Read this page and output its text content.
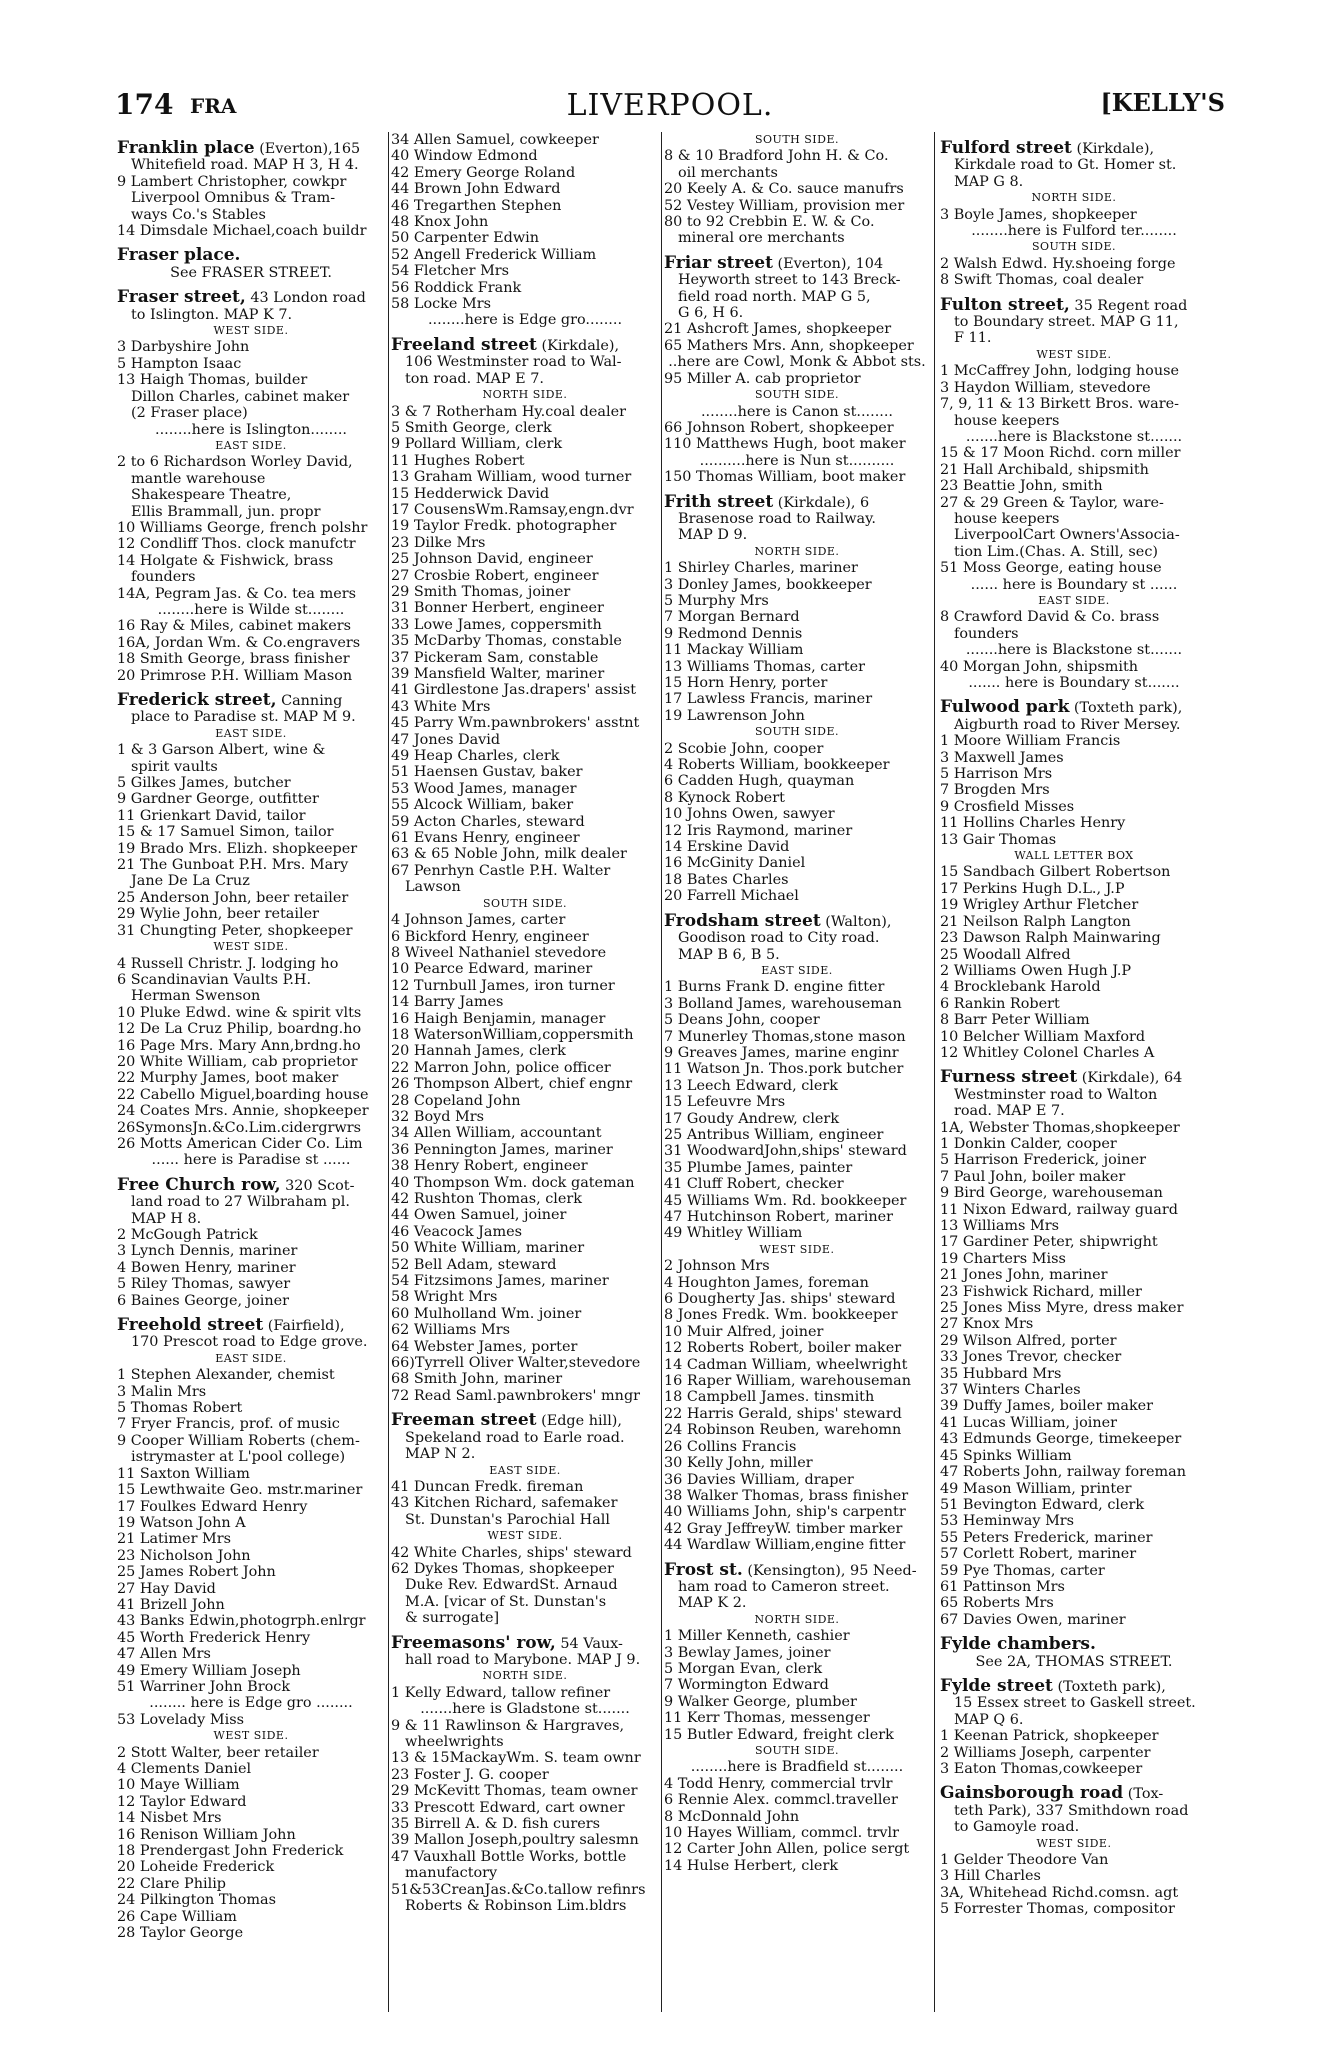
174 FRA	LIVERPOOL.	[KELLY'S
Franklin place (Everton),165
Whitefield road. MAP H 3, H 4.
9 Lambert Christopher, cowkpr
Liverpool Omnibus & Tram-
ways Co.'s Stables
14 Dimsdale Michael,coach buildr
Fraser place.
See FRASER STREET.
Fraser street, 43 London road
to Islington. MAP K 7.
WEST SIDE.
3 Darbyshire John
5 Hampton Isaac
13 Haigh Thomas, builder
Dillon Charles, cabinet maker
(2 Fraser place)
........here is Islington........
EAST SIDE.
2 to 6 Richardson Worley David,
mantle warehouse
Shakespeare Theatre,
Ellis Brammall, jun. propr
10 Williams George, french polshr
12 Condliff Thos. clock manufctr
14 Holgate & Fishwick, brass
founders
14A, Pegram Jas. & Co. tea mers
........here is Wilde st........
16 Ray & Miles, cabinet makers
16A, Jordan Wm. & Co.engravers
18 Smith George, brass finisher
20 Primrose P.H. William Mason
Frederick street, Canning
place to Paradise st. MAP M 9.
EAST SIDE.
1 & 3 Garson Albert, wine &
spirit vaults
5 Gilkes James, butcher
9 Gardner George, outfitter
11 Grienkart David, tailor
15 & 17 Samuel Simon, tailor
19 Brado Mrs. Elizh. shopkeeper
21 The Gunboat P.H. Mrs. Mary
Jane De La Cruz
25 Anderson John, beer retailer
29 Wylie John, beer retailer
31 Chungting Peter, shopkeeper
WEST SIDE.
4 Russell Christr. J. lodging ho
6 Scandinavian Vaults P.H.
Herman Swenson
10 Pluke Edwd. wine & spirit vlts
12 De La Cruz Philip, boardng.ho
16 Page Mrs. Mary Ann,brdng.ho
20 White William, cab proprietor
22 Murphy James, boot maker
22 Cabello Miguel,boarding house
24 Coates Mrs. Annie, shopkeeper
26SymonsJn.&Co.Lim.cidergrwrs
26 Motts American Cider Co. Lim
...... here is Paradise st ......
Free Church row, 320 Scot-
land road to 27 Wilbraham pl.
MAP H 8.
2 McGough Patrick
3 Lynch Dennis, mariner
4 Bowen Henry, mariner
5 Riley Thomas, sawyer
6 Baines George, joiner
Freehold street (Fairfield),
170 Prescot road to Edge grove.
EAST SIDE.
1 Stephen Alexander, chemist
3 Malin Mrs
5 Thomas Robert
7 Fryer Francis, prof. of music
9 Cooper William Roberts (chem-
istrymaster at L'pool college)
11 Saxton William
15 Lewthwaite Geo. mstr.mariner
17 Foulkes Edward Henry
19 Watson John A
21 Latimer Mrs
23 Nicholson John
25 James Robert John
27 Hay David
41 Brizell John
43 Banks Edwin,photogrph.enlrgr
45 Worth Frederick Henry
47 Allen Mrs
49 Emery William Joseph
51 Warriner John Brock
........ here is Edge gro ........
53 Lovelady Miss
WEST SIDE.
2 Stott Walter, beer retailer
4 Clements Daniel
10 Maye William
12 Taylor Edward
14 Nisbet Mrs
16 Renison William John
18 Prendergast John Frederick
20 Loheide Frederick
22 Clare Philip
24 Pilkington Thomas
26 Cape William
28 Taylor George
34 Allen Samuel, cowkeeper
40 Window Edmond
42 Emery George Roland
44 Brown John Edward
46 Tregarthen Stephen
48 Knox John
50 Carpenter Edwin
52 Angell Frederick William
54 Fletcher Mrs
56 Roddick Frank
58 Locke Mrs
........here is Edge gro........
Freeland street (Kirkdale),
106 Westminster road to Wal-
ton road. MAP E 7.
NORTH SIDE.
3 & 7 Rotherham Hy.coal dealer
5 Smith George, clerk
9 Pollard William, clerk
11 Hughes Robert
13 Graham William, wood turner
15 Hedderwick David
17 CousensWm.Ramsay,engn.dvr
19 Taylor Fredk. photographer
23 Dilke Mrs
25 Johnson David, engineer
27 Crosbie Robert, engineer
29 Smith Thomas, joiner
31 Bonner Herbert, engineer
33 Lowe James, coppersmith
35 McDarby Thomas, constable
37 Pickeram Sam, constable
39 Mansfield Walter, mariner
41 Girdlestone Jas.drapers' assist
43 White Mrs
45 Parry Wm.pawnbrokers' asstnt
47 Jones David
49 Heap Charles, clerk
51 Haensen Gustav, baker
53 Wood James, manager
55 Alcock William, baker
59 Acton Charles, steward
61 Evans Henry, engineer
63 & 65 Noble John, milk dealer
67 Penrhyn Castle P.H. Walter
Lawson
SOUTH SIDE.
4 Johnson James, carter
6 Bickford Henry, engineer
8 Wiveel Nathaniel stevedore
10 Pearce Edward, mariner
12 Turnbull James, iron turner
14 Barry James
16 Haigh Benjamin, manager
18 WatersonWilliam,coppersmith
20 Hannah James, clerk
22 Marron John, police officer
26 Thompson Albert, chief engnr
28 Copeland John
32 Boyd Mrs
34 Allen William, accountant
36 Pennington James, mariner
38 Henry Robert, engineer
40 Thompson Wm. dock gateman
42 Rushton Thomas, clerk
44 Owen Samuel, joiner
46 Veacock James
50 White William, mariner
52 Bell Adam, steward
54 Fitzsimons James, mariner
58 Wright Mrs
60 Mulholland Wm. joiner
62 Williams Mrs
64 Webster James, porter
66)Tyrrell Oliver Walter,stevedore
68 Smith John, mariner
72 Read Saml.pawnbrokers' mngr
Freeman street (Edge hill),
Spekeland road to Earle road.
MAP N 2.
EAST SIDE.
41 Duncan Fredk. fireman
43 Kitchen Richard, safemaker
St. Dunstan's Parochial Hall
WEST SIDE.
42 White Charles, ships' steward
62 Dykes Thomas, shopkeeper
Duke Rev. EdwardSt. Arnaud
M.A. [vicar of St. Dunstan's
& surrogate]
Freemasons' row, 54 Vaux-
hall road to Marybone. MAP J 9.
NORTH SIDE.
1 Kelly Edward, tallow refiner
.......here is Gladstone st.......
9 & 11 Rawlinson & Hargraves,
wheelwrights
13 & 15MackayWm. S. team ownr
23 Foster J. G. cooper
29 McKevitt Thomas, team owner
33 Prescott Edward, cart owner
35 Birrell A. & D. fish curers
39 Mallon Joseph,poultry salesmn
47 Vauxhall Bottle Works, bottle
manufactory
51&53CreanJas.&Co.tallow refinrs
Roberts & Robinson Lim.bldrs
SOUTH SIDE.
8 & 10 Bradford John H. & Co.
oil merchants
20 Keely A. & Co. sauce manufrs
52 Vestey William, provision mer
80 to 92 Crebbin E. W. & Co.
mineral ore merchants
Friar street (Everton), 104
Heyworth street to 143 Breck-
field road north. MAP G 5,
G 6, H 6.
21 Ashcroft James, shopkeeper
65 Mathers Mrs. Ann, shopkeeper
..here are Cowl, Monk & Abbot sts.
95 Miller A. cab proprietor
SOUTH SIDE.
........here is Canon st........
66 Johnson Robert, shopkeeper
110 Matthews Hugh, boot maker
..........here is Nun st..........
150 Thomas William, boot maker
Frith street (Kirkdale), 6
Brasenose road to Railway.
MAP D 9.
NORTH SIDE.
1 Shirley Charles, mariner
3 Donley James, bookkeeper
5 Murphy Mrs
7 Morgan Bernard
9 Redmond Dennis
11 Mackay William
13 Williams Thomas, carter
15 Horn Henry, porter
17 Lawless Francis, mariner
19 Lawrenson John
SOUTH SIDE.
2 Scobie John, cooper
4 Roberts William, bookkeeper
6 Cadden Hugh, quayman
8 Kynock Robert
10 Johns Owen, sawyer
12 Iris Raymond, mariner
14 Erskine David
16 McGinity Daniel
18 Bates Charles
20 Farrell Michael
Frodsham street (Walton),
Goodison road to City road.
MAP B 6, B 5.
EAST SIDE.
1 Burns Frank D. engine fitter
3 Bolland James, warehouseman
5 Deans John, cooper
7 Munerley Thomas,stone mason
9 Greaves James, marine enginr
11 Watson Jn. Thos.pork butcher
13 Leech Edward, clerk
15 Lefeuvre Mrs
17 Goudy Andrew, clerk
25 Antribus William, engineer
31 WoodwardJohn,ships' steward
35 Plumbe James, painter
41 Cluff Robert, checker
45 Williams Wm. Rd. bookkeeper
47 Hutchinson Robert, mariner
49 Whitley William
WEST SIDE.
2 Johnson Mrs
4 Houghton James, foreman
6 Dougherty Jas. ships' steward
8 Jones Fredk. Wm. bookkeeper
10 Muir Alfred, joiner
12 Roberts Robert, boiler maker
14 Cadman William, wheelwright
16 Raper William, warehouseman
18 Campbell James. tinsmith
22 Harris Gerald, ships' steward
24 Robinson Reuben, warehomn
26 Collins Francis
30 Kelly John, miller
36 Davies William, draper
38 Walker Thomas, brass finisher
40 Williams John, ship's carpentr
42 Gray JeffreyW. timber marker
44 Wardlaw William,engine fitter
Frost st. (Kensington), 95 Need-
ham road to Cameron street.
MAP K 2.
NORTH SIDE.
1 Miller Kenneth, cashier
3 Bewlay James, joiner
5 Morgan Evan, clerk
7 Wormington Edward
9 Walker George, plumber
11 Kerr Thomas, messenger
15 Butler Edward, freight clerk
SOUTH SIDE.
........here is Bradfield st........
4 Todd Henry, commercial trvlr
6 Rennie Alex. commcl.traveller
8 McDonnald John
10 Hayes William, commcl. trvlr
12 Carter John Allen, police sergt
14 Hulse Herbert, clerk
Fulford street (Kirkdale),
Kirkdale road to Gt. Homer st.
MAP G 8.
NORTH SIDE.
3 Boyle James, shopkeeper
........here is Fulford ter........
SOUTH SIDE.
2 Walsh Edwd. Hy.shoeing forge
8 Swift Thomas, coal dealer
Fulton street, 35 Regent road
to Boundary street. MAP G 11,
F 11.
WEST SIDE.
1 McCaffrey John, lodging house
3 Haydon William, stevedore
7, 9, 11 & 13 Birkett Bros. ware-
house keepers
.......here is Blackstone st.......
15 & 17 Moon Richd. corn miller
21 Hall Archibald, shipsmith
23 Beattie John, smith
27 & 29 Green & Taylor, ware-
house keepers
LiverpoolCart Owners'Associa-
tion Lim.(Chas. A. Still, sec)
51 Moss George, eating house
...... here is Boundary st ......
EAST SIDE.
8 Crawford David & Co. brass
founders
.......here is Blackstone st.......
40 Morgan John, shipsmith
....... here is Boundary st.......
Fulwood park (Toxteth park),
Aigburth road to River Mersey.
1 Moore William Francis
3 Maxwell James
5 Harrison Mrs
7 Brogden Mrs
9 Crosfield Misses
11 Hollins Charles Henry
13 Gair Thomas
WALL LETTER BOX
15 Sandbach Gilbert Robertson
17 Perkins Hugh D.L., J.P
19 Wrigley Arthur Fletcher
21 Neilson Ralph Langton
23 Dawson Ralph Mainwaring
25 Woodall Alfred
2 Williams Owen Hugh J.P
4 Brocklebank Harold
6 Rankin Robert
8 Barr Peter William
10 Belcher William Maxford
12 Whitley Colonel Charles A
Furness street (Kirkdale), 64
Westminster road to Walton
road. MAP E 7.
1A, Webster Thomas,shopkeeper
1 Donkin Calder, cooper
5 Harrison Frederick, joiner
7 Paul John, boiler maker
9 Bird George, warehouseman
11 Nixon Edward, railway guard
13 Williams Mrs
17 Gardiner Peter, shipwright
19 Charters Miss
21 Jones John, mariner
23 Fishwick Richard, miller
25 Jones Miss Myre, dress maker
27 Knox Mrs
29 Wilson Alfred, porter
33 Jones Trevor, checker
35 Hubbard Mrs
37 Winters Charles
39 Duffy James, boiler maker
41 Lucas William, joiner
43 Edmunds George, timekeeper
45 Spinks William
47 Roberts John, railway foreman
49 Mason William, printer
51 Bevington Edward, clerk
53 Heminway Mrs
55 Peters Frederick, mariner
57 Corlett Robert, mariner
59 Pye Thomas, carter
61 Pattinson Mrs
65 Roberts Mrs
67 Davies Owen, mariner
Fylde chambers.
See 2A, THOMAS STREET.
Fylde street (Toxteth park),
15 Essex street to Gaskell street.
MAP Q 6.
1 Keenan Patrick, shopkeeper
2 Williams Joseph, carpenter
3 Eaton Thomas,cowkeeper
Gainsborough road (Tox-
teth Park), 337 Smithdown road
to Gamoyle road.
WEST SIDE.
1 Gelder Theodore Van
3 Hill Charles
3A, Whitehead Richd.comsn. agt
5 Forrester Thomas, compositor
